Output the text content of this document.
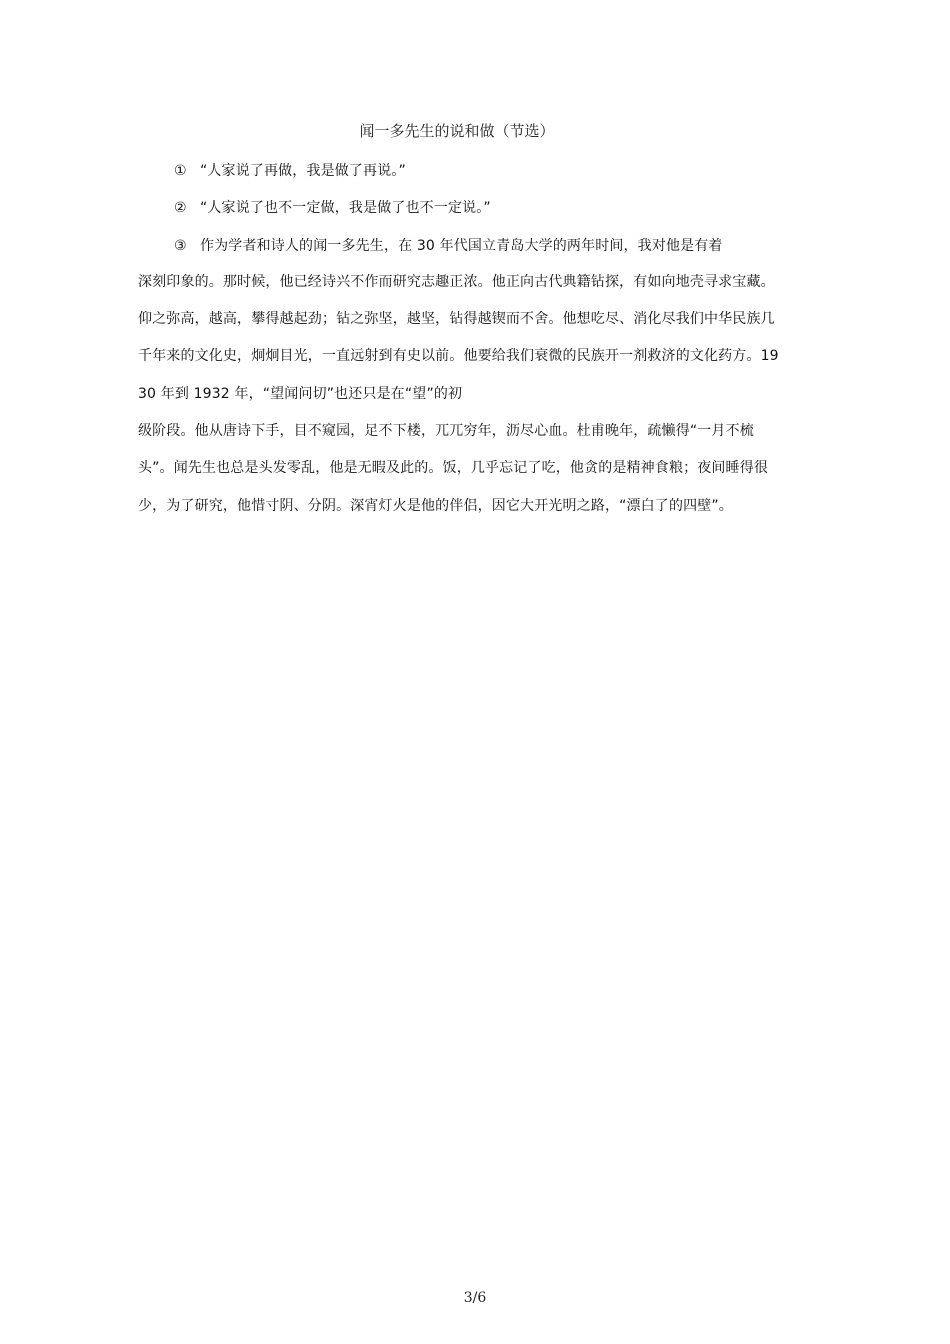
闻一多先生的说和做（节选）
① “人家说了再做，我是做了再说。”
② “人家说了也不一定做，我是做了也不一定说。”
③ 作为学者和诗人的闻一多先生，在 30 年代国立青岛大学的两年时间，我对他是有着
深刻印象的。那时候，他已经诗兴不作而研究志趣正浓。他正向古代典籍钻探，有如向地壳寻求宝藏。
仰之弥高，越高，攀得越起劲；钻之弥坚，越坚，钻得越锲而不舍。他想吃尽、消化尽我们中华民族几
千年来的文化史，炯炯目光，一直远射到有史以前。他要给我们衰微的民族开一剂救济的文化药方。19
30 年到 1932 年，“望闻问切”也还只是在“望”的初
级阶段。他从唐诗下手，目不窥园，足不下楼，兀兀穷年，沥尽心血。杜甫晚年，疏懒得“一月不梳
头”。闻先生也总是头发零乱，他是无暇及此的。饭，几乎忘记了吃，他贪的是精神食粮；夜间睡得很
少，为了研究，他惜寸阴、分阴。深宵灯火是他的伴侣，因它大开光明之路，“漂白了的四壁”。
3/6
